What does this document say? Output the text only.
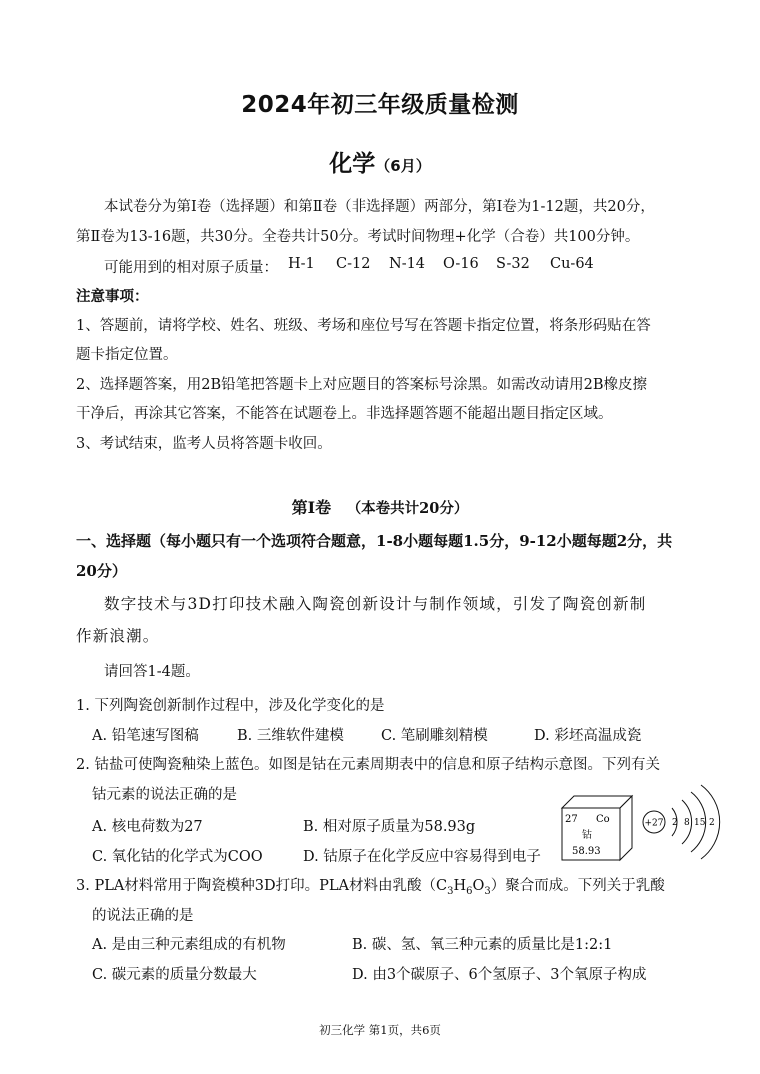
2024年初三年级质量检测
化学（6月）
本试卷分为第Ⅰ卷（选择题）和第Ⅱ卷（非选择题）两部分，第Ⅰ卷为1-12题，共20分，
第Ⅱ卷为13-16题，共30分。全卷共计50分。考试时间物理+化学（合卷）共100分钟。
可能用到的相对原子质量： H-1 C-12 N-14 O-16 S-32 Cu-64
注意事项：
1、答题前，请将学校、姓名、班级、考场和座位号写在答题卡指定位置，将条形码贴在答
题卡指定位置。
2、选择题答案，用2B铅笔把答题卡上对应题目的答案标号涂黑。如需改动请用2B橡皮擦
干净后，再涂其它答案，不能答在试题卷上。非选择题答题不能超出题目指定区域。
3、考试结束，监考人员将答题卡收回。
第Ⅰ卷 （本卷共计20分）
一、选择题（每小题只有一个选项符合题意，1-8小题每题1.5分，9-12小题每题2分，共
20分）
数字技术与3D打印技术融入陶瓷创新设计与制作领域，引发了陶瓷创新制
作新浪潮。
请回答1-4题。
1. 下列陶瓷创新制作过程中，涉及化学变化的是
A. 铅笔速写图稿	B. 三维软件建模	C. 笔刷雕刻精模	D. 彩坯高温成瓷
2. 钴盐可使陶瓷釉染上蓝色。如图是钴在元素周期表中的信息和原子结构示意图。下列有关
钴元素的说法正确的是
A. 核电荷数为27	B. 相对原子质量为58.93g
C. 氧化钴的化学式为COO	D. 钴原子在化学反应中容易得到电子
27 Co
钴
58.93
+27 2 8 15 2
3. PLA材料常用于陶瓷模种3D打印。PLA材料由乳酸$(C_3H_6O_3)$聚合而成。下列关于乳酸
的说法正确的是
A. 是由三种元素组成的有机物	B. 碳、氢、氧三种元素的质量比是1:2:1
C. 碳元素的质量分数最大	D. 由3个碳原子、6个氢原子、3个氧原子构成
初三化学 第1页，共6页
